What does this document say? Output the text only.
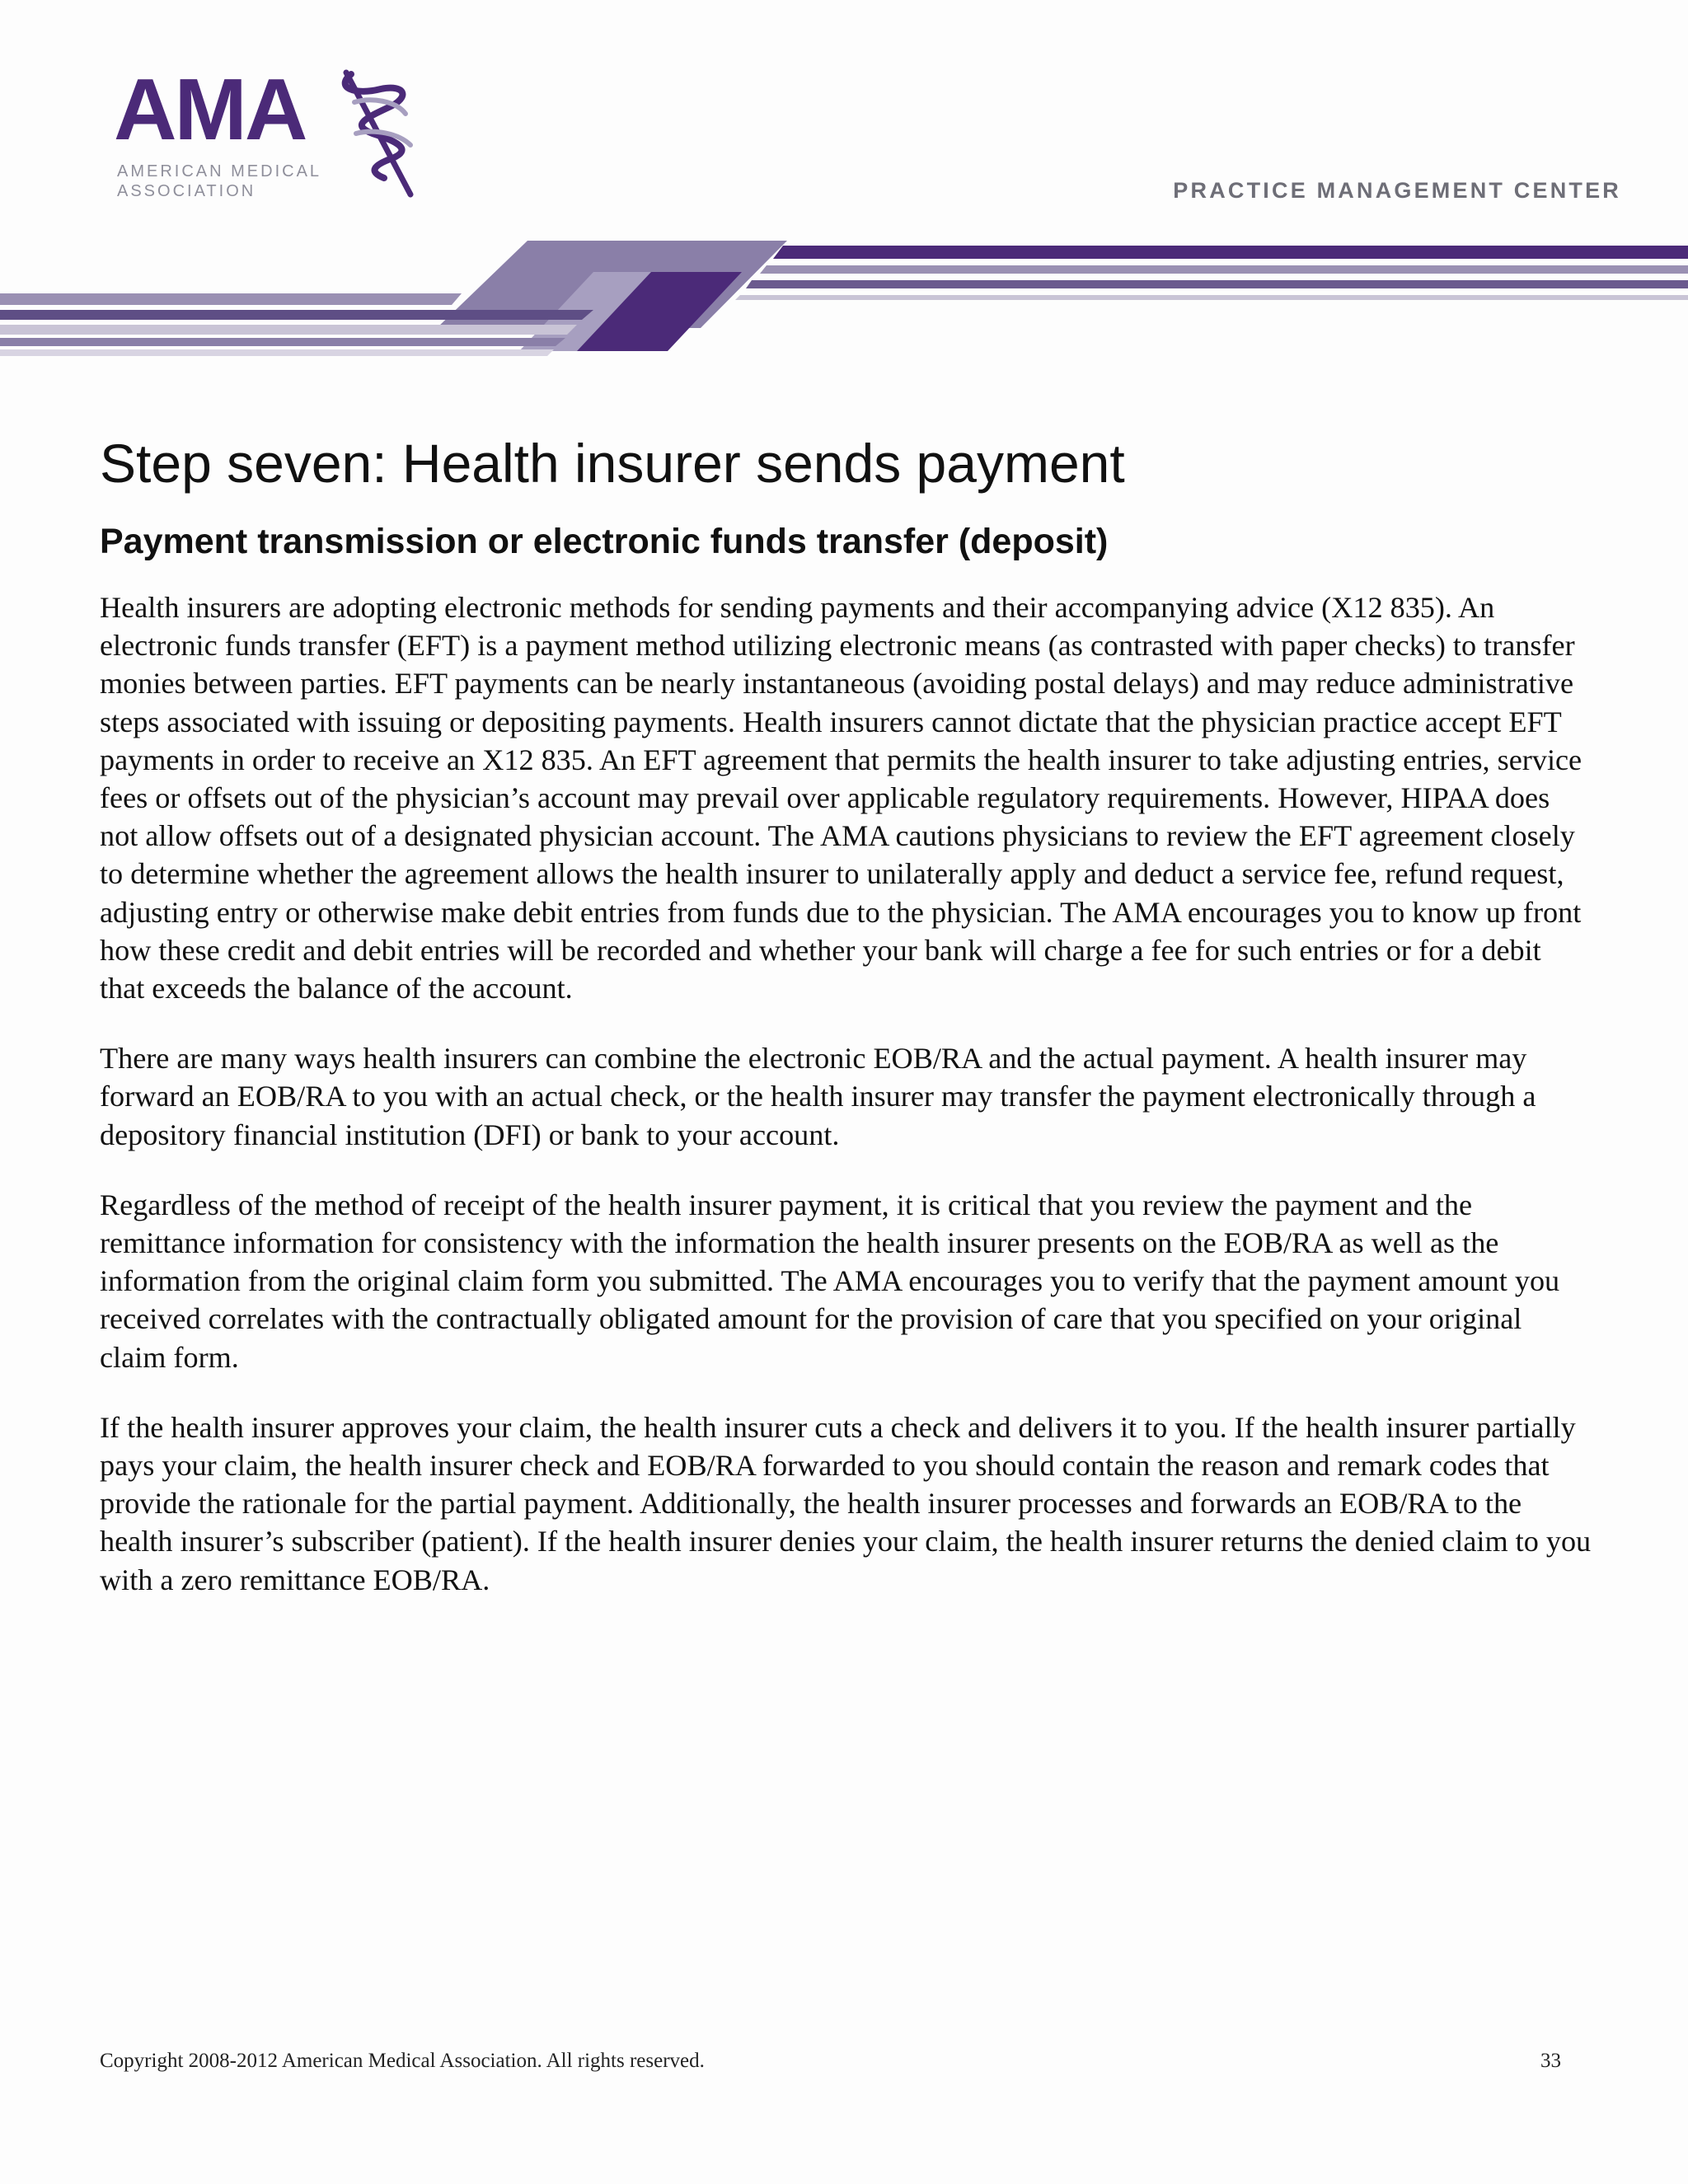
AMA
AMERICAN MEDICAL
ASSOCIATION	PRACTICE MANAGEMENT CENTER
Step seven: Health insurer sends payment
Payment transmission or electronic funds transfer (deposit)

Health insurers are adopting electronic methods for sending payments and their accompanying advice (X12 835). An electronic funds transfer (EFT) is a payment method utilizing electronic means (as contrasted with paper checks) to transfer monies between parties. EFT payments can be nearly instantaneous (avoiding postal delays) and may reduce administrative steps associated with issuing or depositing payments. Health insurers cannot dictate that the physician practice accept EFT payments in order to receive an X12 835. An EFT agreement that permits the health insurer to take adjusting entries, service fees or offsets out of the physician’s account may prevail over applicable regulatory requirements. However, HIPAA does not allow offsets out of a designated physician account. The AMA cautions physicians to review the EFT agreement closely to determine whether the agreement allows the health insurer to unilaterally apply and deduct a service fee, refund request, adjusting entry or otherwise make debit entries from funds due to the physician. The AMA encourages you to know up front how these credit and debit entries will be recorded and whether your bank will charge a fee for such entries or for a debit that exceeds the balance of the account.

There are many ways health insurers can combine the electronic EOB/RA and the actual payment. A health insurer may forward an EOB/RA to you with an actual check, or the health insurer may transfer the payment electronically through a depository financial institution (DFI) or bank to your account.

Regardless of the method of receipt of the health insurer payment, it is critical that you review the payment and the remittance information for consistency with the information the health insurer presents on the EOB/RA as well as the information from the original claim form you submitted. The AMA encourages you to verify that the payment amount you received correlates with the contractually obligated amount for the provision of care that you specified on your original claim form.

If the health insurer approves your claim, the health insurer cuts a check and delivers it to you. If the health insurer partially pays your claim, the health insurer check and EOB/RA forwarded to you should contain the reason and remark codes that provide the rationale for the partial payment. Additionally, the health insurer processes and forwards an EOB/RA to the health insurer’s subscriber (patient). If the health insurer denies your claim, the health insurer returns the denied claim to you with a zero remittance EOB/RA.

Copyright 2008-2012 American Medical Association. All rights reserved.	33
